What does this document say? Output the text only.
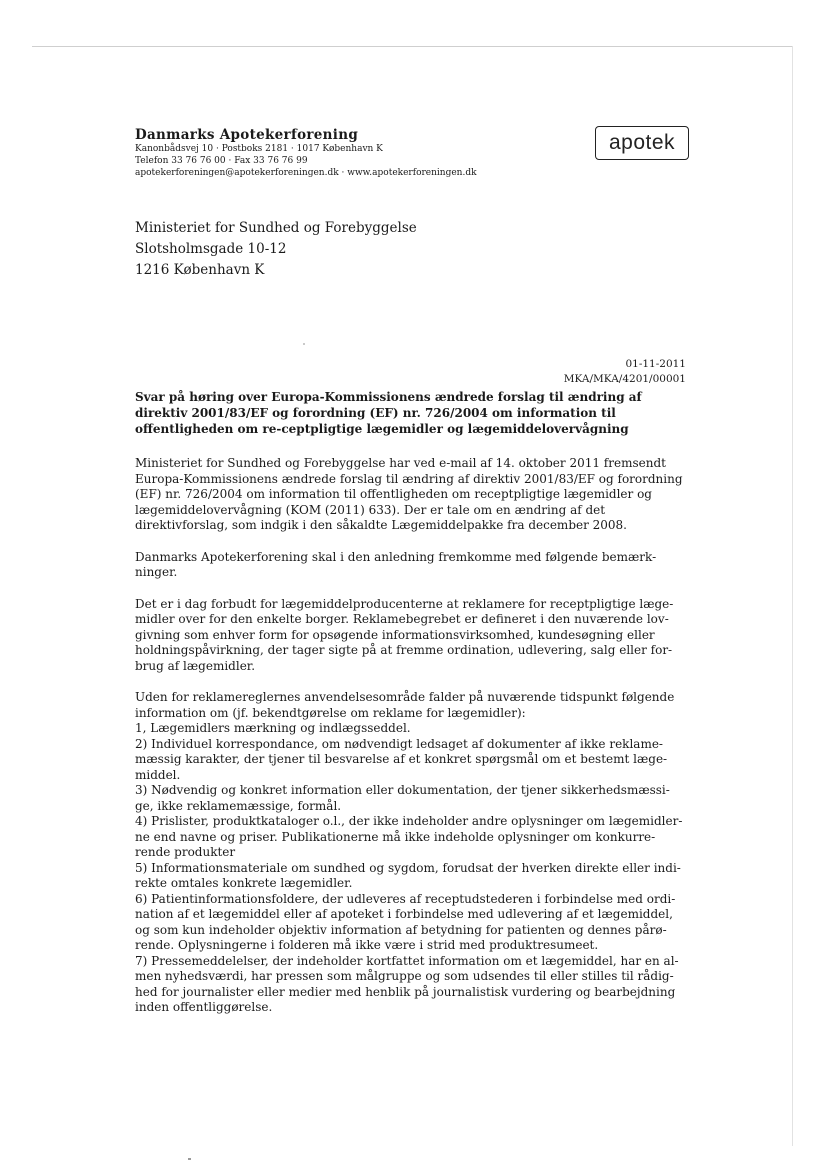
Danmarks Apotekerforening
Kanonbådsvej 10 · Postboks 2181 · 1017 København K
Telefon 33 76 76 00 · Fax 33 76 76 99
apotekerforeningen@apotekerforeningen.dk · www.apotekerforeningen.dk
apotek
Ministeriet for Sundhed og Forebyggelse
Slotsholmsgade 10-12
1216 København K
01-11-2011
MKA/MKA/4201/00001
Svar på høring over Europa-Kommissionens ændrede forslag til ændring af direktiv 2001/83/EF og forordning (EF) nr. 726/2004 om information til offentligheden om re-ceptpligtige lægemidler og lægemiddelovervågning

Ministeriet for Sundhed og Forebyggelse har ved e-mail af 14. oktober 2011 fremsendt Europa-Kommissionens ændrede forslag til ændring af direktiv 2001/83/EF og forordning (EF) nr. 726/2004 om information til offentligheden om receptpligtige lægemidler og lægemiddelovervågning (KOM (2011) 633). Der er tale om en ændring af det direktivforslag, som indgik i den såkaldte Lægemiddelpakke fra december 2008.

Danmarks Apotekerforening skal i den anledning fremkomme med følgende bemærk-ninger.

Det er i dag forbudt for lægemiddelproducenterne at reklamere for receptpligtige læge-midler over for den enkelte borger. Reklamebegrebet er defineret i den nuværende lov-givning som enhver form for opsøgende informationsvirksomhed, kundesøgning eller holdningspåvirkning, der tager sigte på at fremme ordination, udlevering, salg eller for-brug af lægemidler.

Uden for reklamereglernes anvendelsesområde falder på nuværende tidspunkt følgende information om (jf. bekendtgørelse om reklame for lægemidler):

1, Lægemidlers mærkning og indlægsseddel.

2) Individuel korrespondance, om nødvendigt ledsaget af dokumenter af ikke reklame-mæssig karakter, der tjener til besvarelse af et konkret spørgsmål om et bestemt læge-middel.

3) Nødvendig og konkret information eller dokumentation, der tjener sikkerhedsmæssi-ge, ikke reklamemæssige, formål.

4) Prislister, produktkataloger o.l., der ikke indeholder andre oplysninger om lægemidler-ne end navne og priser. Publikationerne må ikke indeholde oplysninger om konkurre-rende produkter

5) Informationsmateriale om sundhed og sygdom, forudsat der hverken direkte eller indi-rekte omtales konkrete lægemidler.

6) Patientinformationsfoldere, der udleveres af receptudstederen i forbindelse med ordi-nation af et lægemiddel eller af apoteket i forbindelse med udlevering af et lægemiddel, og som kun indeholder objektiv information af betydning for patienten og dennes pårø-rende. Oplysningerne i folderen må ikke være i strid med produktresumeet.

7) Pressemeddelelser, der indeholder kortfattet information om et lægemiddel, har en al-men nyhedsværdi, har pressen som målgruppe og som udsendes til eller stilles til rådig-hed for journalister eller medier med henblik på journalistisk vurdering og bearbejdning inden offentliggørelse.
